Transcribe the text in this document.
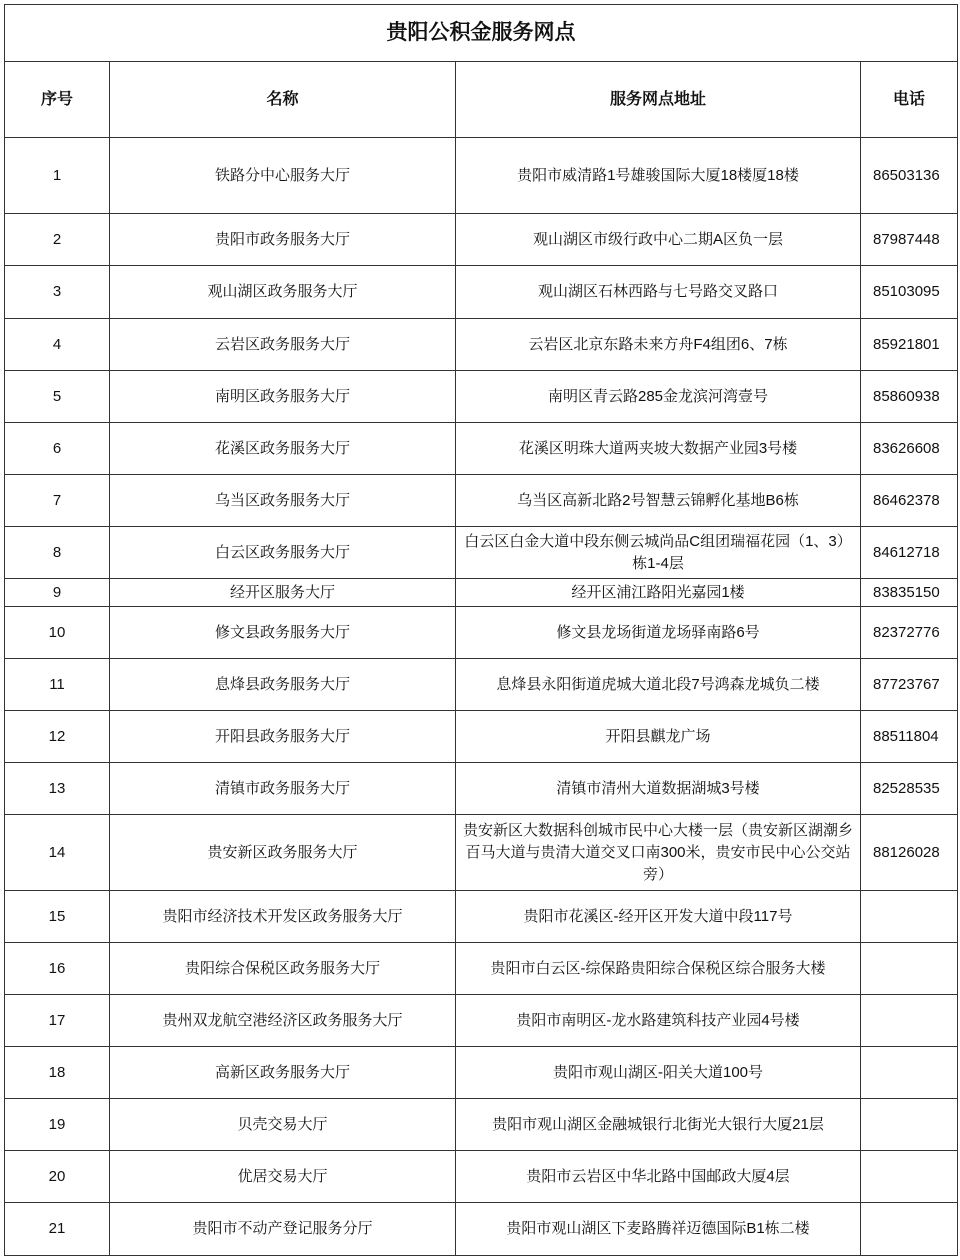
贵阳公积金服务网点			
序号	名称	服务网点地址	电话
1	铁路分中心服务大厅	贵阳市威清路1号雄骏国际大厦18楼厦18楼	86503136
2	贵阳市政务服务大厅	观山湖区市级行政中心二期A区负一层	87987448
3	观山湖区政务服务大厅	观山湖区石林西路与七号路交叉路口	85103095
4	云岩区政务服务大厅	云岩区北京东路未来方舟F4组团6、7栋	85921801
5	南明区政务服务大厅	南明区青云路285金龙滨河湾壹号	85860938
6	花溪区政务服务大厅	花溪区明珠大道两夹坡大数据产业园3号楼	83626608
7	乌当区政务服务大厅	乌当区高新北路2号智慧云锦孵化基地B6栋	86462378
8	白云区政务服务大厅	白云区白金大道中段东侧云城尚品C组团瑞福花园（1、3）栋1-4层	84612718
9	经开区服务大厅	经开区浦江路阳光嘉园1楼	83835150
10	修文县政务服务大厅	修文县龙场街道龙场驿南路6号	82372776
11	息烽县政务服务大厅	息烽县永阳街道虎城大道北段7号鸿森龙城负二楼	87723767
12	开阳县政务服务大厅	开阳县麒龙广场	88511804
13	清镇市政务服务大厅	清镇市清州大道数据湖城3号楼	82528535
14	贵安新区政务服务大厅	贵安新区大数据科创城市民中心大楼一层（贵安新区湖潮乡百马大道与贵清大道交叉口南300米，贵安市民中心公交站旁）	88126028
15	贵阳市经济技术开发区政务服务大厅	贵阳市花溪区-经开区开发大道中段117号	
16	贵阳综合保税区政务服务大厅	贵阳市白云区-综保路贵阳综合保税区综合服务大楼	
17	贵州双龙航空港经济区政务服务大厅	贵阳市南明区-龙水路建筑科技产业园4号楼	
18	高新区政务服务大厅	贵阳市观山湖区-阳关大道100号	
19	贝壳交易大厅	贵阳市观山湖区金融城银行北街光大银行大厦21层	
20	优居交易大厅	贵阳市云岩区中华北路中国邮政大厦4层	
21	贵阳市不动产登记服务分厅	贵阳市观山湖区下麦路腾祥迈德国际B1栋二楼	
